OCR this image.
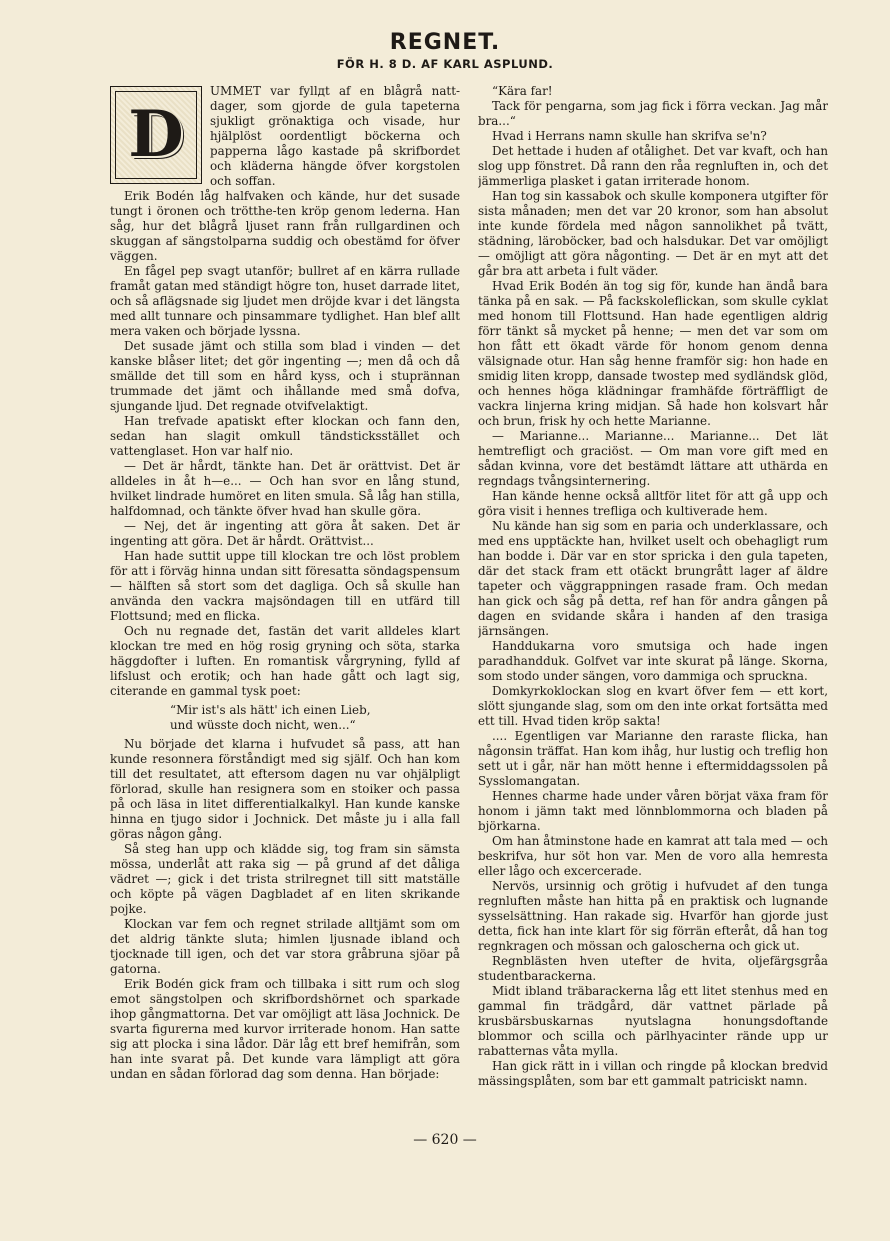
REGNET.
FÖR H. 8 D. AF KARL ASPLUND.
D

UMMET var fyllдt af en blågrå natt-dager, som gjorde de gula tapeterna sjukligt grönaktiga och visade, hur hjälplöst oordentligt böckerna och papperna lågo kastade på skrifbordet och kläderna hängde öfver korgstolen och soffan.

Erik Bodén låg halfvaken och kände, hur det susade tungt i öronen och trötthe-ten kröp genom lederna. Han såg, hur det blågrå ljuset rann från rullgardinen och skuggan af sängstolparna suddig och obestämd for öfver väggen.

En fågel pep svagt utanför; bullret af en kärra rullade framåt gatan med ständigt högre ton, huset darrade litet, och så aflägsnade sig ljudet men dröjde kvar i det längsta med allt tunnare och pinsammare tydlighet. Han blef allt mera vaken och började lyssna.

Det susade jämt och stilla som blad i vinden — det kanske blåser litet; det gör ingenting —; men då och då smällde det till som en hård kyss, och i stuprännan trummade det jämt och ihållande med små dofva, sjungande ljud. Det regnade otvifvelaktigt.

Han trefvade apatiskt efter klockan och fann den, sedan han slagit omkull tändsticksstället och vattenglaset. Hon var half nio.

— Det är hårdt, tänkte han. Det är orättvist. Det är alldeles in åt h—e... — Och han svor en lång stund, hvilket lindrade humöret en liten smula. Så låg han stilla, halfdomnad, och tänkte öfver hvad han skulle göra.

— Nej, det är ingenting att göra åt saken. Det är ingenting att göra. Det är hårdt. Orättvist...

Han hade suttit uppe till klockan tre och löst problem för att i förväg hinna undan sitt föresatta söndagspensum — hälften så stort som det dagliga. Och så skulle han använda den vackra majsöndagen till en utfärd till Flottsund; med en flicka.

Och nu regnade det, fastän det varit alldeles klart klockan tre med en hög rosig gryning och söta, starka häggdofter i luften. En romantisk vårgryning, fylld af lifslust och erotik; och han hade gått och lagt sig, citerande en gammal tysk poet:

“Mir ist's als hätt' ich einen Lieb,
und wüsste doch nicht, wen...“

Nu började det klarna i hufvudet så pass, att han kunde resonnera förståndigt med sig själf. Och han kom till det resultatet, att eftersom dagen nu var ohjälpligt förlorad, skulle han resignera som en stoiker och passa på och läsa in litet differentialkalkyl. Han kunde kanske hinna en tjugo sidor i Jochnick. Det måste ju i alla fall göras någon gång.

Så steg han upp och klädde sig, tog fram sin sämsta mössa, underlåt att raka sig — på grund af det dåliga vädret —; gick i det trista strilregnet till sitt matställe och köpte på vägen Dagbladet af en liten skrikande pojke.

Klockan var fem och regnet strilade alltjämt som om det aldrig tänkte sluta; himlen ljusnade ibland och tjocknade till igen, och det var stora gråbruna sjöar på gatorna.

Erik Bodén gick fram och tillbaka i sitt rum och slog emot sängstolpen och skrifbordshörnet och sparkade ihop gångmattorna. Det var omöjligt att läsa Jochnick. De svarta figurerna med kurvor irriterade honom. Han satte sig att plocka i sina lådor. Där låg ett bref hemifrån, som han inte svarat på. Det kunde vara lämpligt att göra undan en sådan förlorad dag som denna. Han började:

“Kära far!

Tack för pengarna, som jag fick i förra veckan. Jag mår bra...“

Hvad i Herrans namn skulle han skrifva se'n?

Det hettade i huden af otålighet. Det var kvaft, och han slog upp fönstret. Då rann den råa regnluften in, och det jämmerliga plasket i gatan irriterade honom.

Han tog sin kassabok och skulle komponera utgifter för sista månaden; men det var 20 kronor, som han absolut inte kunde fördela med någon sannolikhet på tvätt, städning, läroböcker, bad och halsdukar. Det var omöjligt — omöjligt att göra någonting. — Det är en myt att det går bra att arbeta i fult väder.

Hvad Erik Bodén än tog sig för, kunde han ändå bara tänka på en sak. — På fackskoleflickan, som skulle cyklat med honom till Flottsund. Han hade egentligen aldrig förr tänkt så mycket på henne; — men det var som om hon fått ett ökadt värde för honom genom denna välsignade otur. Han såg henne framför sig: hon hade en smidig liten kropp, dansade twostep med sydländsk glöd, och hennes höga klädningar framhäfde förträffligt de vackra linjerna kring midjan. Så hade hon kolsvart hår och brun, frisk hy och hette Marianne.

— Marianne... Marianne... Marianne... Det lät hemtrefligt och graciöst. — Om man vore gift med en sådan kvinna, vore det bestämdt lättare att uthärda en regndags tvångsinternering.

Han kände henne också alltför litet för att gå upp och göra visit i hennes trefliga och kultiverade hem.

Nu kände han sig som en paria och underklassare, och med ens upptäckte han, hvilket uselt och obehagligt rum han bodde i. Där var en stor spricka i den gula tapeten, där det stack fram ett otäckt brungrått lager af äldre tapeter och väggrappningen rasade fram. Och medan han gick och såg på detta, ref han för andra gången på dagen en svidande skåra i handen af den trasiga järnsängen.

Handdukarna voro smutsiga och hade ingen paradhandduk. Golfvet var inte skurat på länge. Skorna, som stodo under sängen, voro dammiga och spruckna.

Domkyrkoklockan slog en kvart öfver fem — ett kort, slött sjungande slag, som om den inte orkat fortsätta med ett till. Hvad tiden kröp sakta!

.... Egentligen var Marianne den raraste flicka, han någonsin träffat. Han kom ihåg, hur lustig och treflig hon sett ut i går, när han mött henne i eftermiddagssolen på Sysslomangatan.

Hennes charme hade under våren börjat växa fram för honom i jämn takt med lönnblommorna och bladen på björkarna.

Om han åtminstone hade en kamrat att tala med — och beskrifva, hur söt hon var. Men de voro alla hemresta eller lågo och excercerade.

Nervös, ursinnig och grötig i hufvudet af den tunga regnluften måste han hitta på en praktisk och lugnande sysselsättning. Han rakade sig. Hvarför han gjorde just detta, fick han inte klart för sig förrän efteråt, då han tog regnkragen och mössan och galoscherna och gick ut.

Regnblästen hven utefter de hvita, oljefärgsgråa studentbarackerna.

Midt ibland träbarackerna låg ett litet stenhus med en gammal fin trädgård, där vattnet pärlade på krusbärsbuskarnas nyutslagna honungsdoftande blommor och scilla och pärlhyacinter rände upp ur rabatternas våta mylla.

Han gick rätt in i villan och ringde på klockan bredvid mässingsplåten, som bar ett gammalt patriciskt namn.

— 620 —
